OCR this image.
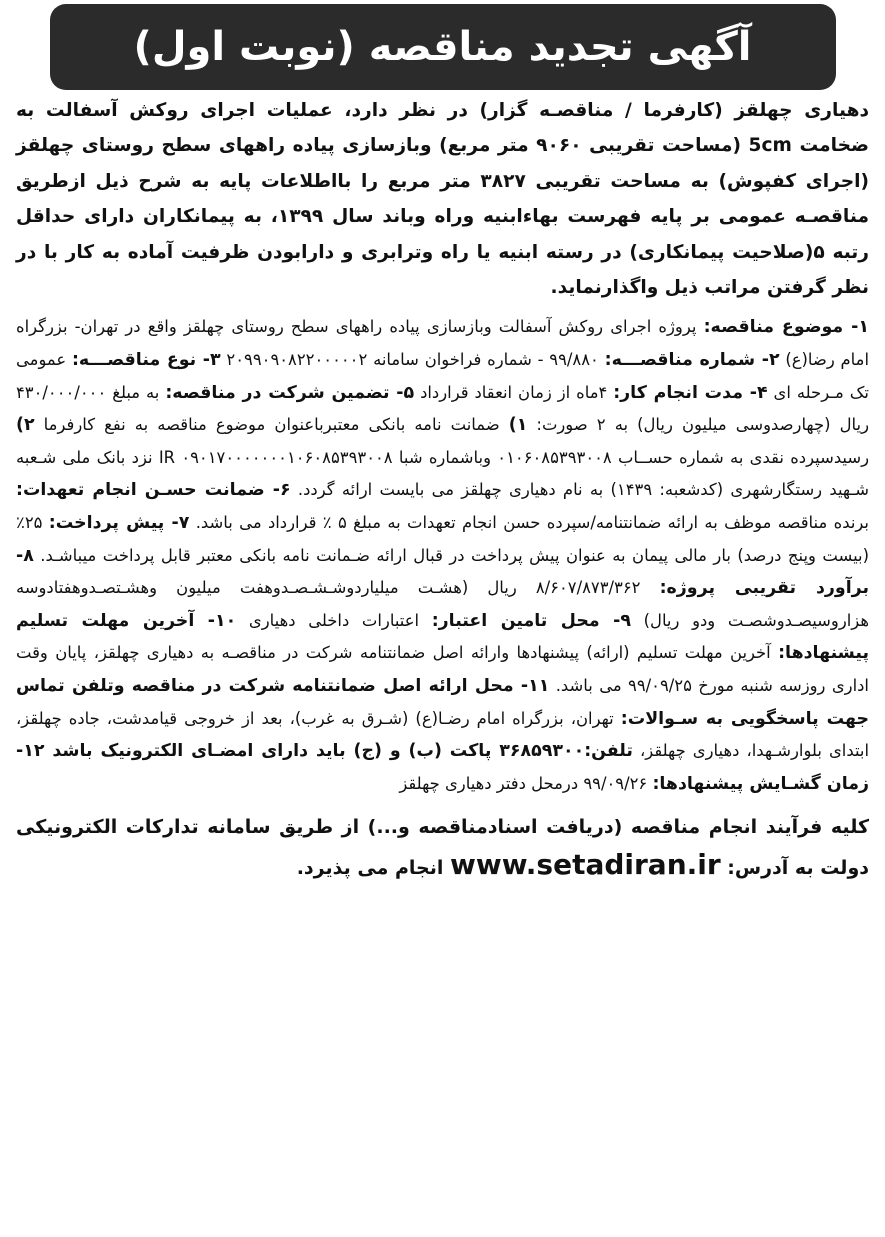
آگهی تجدید مناقصه (نوبت اول)
دهیاری چهلقز (کارفرما / مناقصـه گزار) در نظر دارد، عملیات اجرای روکش آسفالت به ضخامت 5cm (مساحت تقریبی ۹۰۶۰ متر مربع) وبازسازی پیاده راههای سطح روستای چهلقز (اجرای کفپوش) به مساحت تقریبی ۳۸۲۷ متر مربع را بااطلاعات پایه به شرح ذیل ازطریق مناقصـه عمومی بر پایه فهرست بهاءابنیه وراه وباند سال ۱۳۹۹، به پیمانکاران دارای حداقل رتبه ۵(صلاحیت پیمانکاری) در رسته ابنیه یا راه وترابری و دارابودن ظرفیت آماده به کار با در نظر گرفتن مراتب ذیل واگذارنماید.
۱- موضوع مناقصه: پروژه اجرای روکش آسفالت وبازسازی پیاده راههای سطح روستای چهلقز واقع در تهران- بزرگراه امام رضا(ع) ۲- شماره مناقصـــه: ۹۹/۸۸۰ - شماره فراخوان سامانه ۲۰۹۹۰۹۰۸۲۲۰۰۰۰۰۲ ۳- نوع مناقصـــه: عمومی تک مـرحله ای ۴- مدت انجام کار: ۴ماه از زمان انعقاد قرارداد ۵- تضمین شرکت در مناقصه: به مبلغ ۴۳۰/۰۰۰/۰۰۰ ریال (چهارصدوسی میلیون ریال) به ۲ صورت: ۱) ضمانت نامه بانکی معتبرباعنوان موضوع مناقصه به نفع کارفرما ۲) رسیدسپرده نقدی به شماره حســاب ۰۱۰۶۰۸۵۳۹۳۰۰۸ وباشماره شبا IR ۰۹۰۱۷۰۰۰۰۰۰۰۱۰۶۰۸۵۳۹۳۰۰۸ نزد بانک ملی شـعبه شـهید رستگارشهری (کدشعبه: ۱۴۳۹) به نام دهیاری چهلقز می بایست ارائه گردد. ۶- ضمانت حسـن انجام تعهدات: برنده مناقصه موظف به ارائه ضمانتنامه/سپرده حسن انجام تعهدات به مبلغ ۵ ٪ قرارداد می باشد. ۷- پیش پرداخت: ۲۵٪ (بیست وپنج درصد) بار مالی پیمان به عنوان پیش پرداخت در قبال ارائه ضـمانت نامه بانکی معتبر قابل پرداخت میباشـد. ۸- برآورد تقریبی پروژه: ۸/۶۰۷/۸۷۳/۳۶۲ ریال (هشـت میلیاردوشـشـصـدوهفت میلیون وهشـتصـدوهفتادوسه هزاروسیصـدوشصـت ودو ریال) ۹- محل تامین اعتبار: اعتبارات داخلی دهیاری ۱۰- آخرین مهلت تسلیم پیشنهادها: آخرین مهلت تسلیم (ارائه) پیشنهادها وارائه اصل ضمانتنامه شرکت در مناقصـه به دهیاری چهلقز، پایان وقت اداری روزسه شنبه مورخ ۹۹/۰۹/۲۵ می باشد. ۱۱- محل ارائه اصل ضمانتنامه شرکت در مناقصه وتلفن تماس جهت پاسخگویی به سـوالات: تهران، بزرگراه امام رضـا(ع) (شـرق به غرب)، بعد از خروجی قیامدشت، جاده چهلقز، ابتدای بلوارشـهدا، دهیاری چهلقز، تلفن:۳۶۸۵۹۳۰۰ پاکت (ب) و (ج) باید دارای امضـای الکترونیک باشد ۱۲- زمان گشـایش پیشنهادها: ۹۹/۰۹/۲۶ درمحل دفتر دهیاری چهلقز
کلیه فرآیند انجام مناقصه (دریافت اسنادمناقصه و...) از طریق سامانه تدارکات الکترونیکی دولت به آدرس: www.setadiran.ir انجام می پذیرد.
